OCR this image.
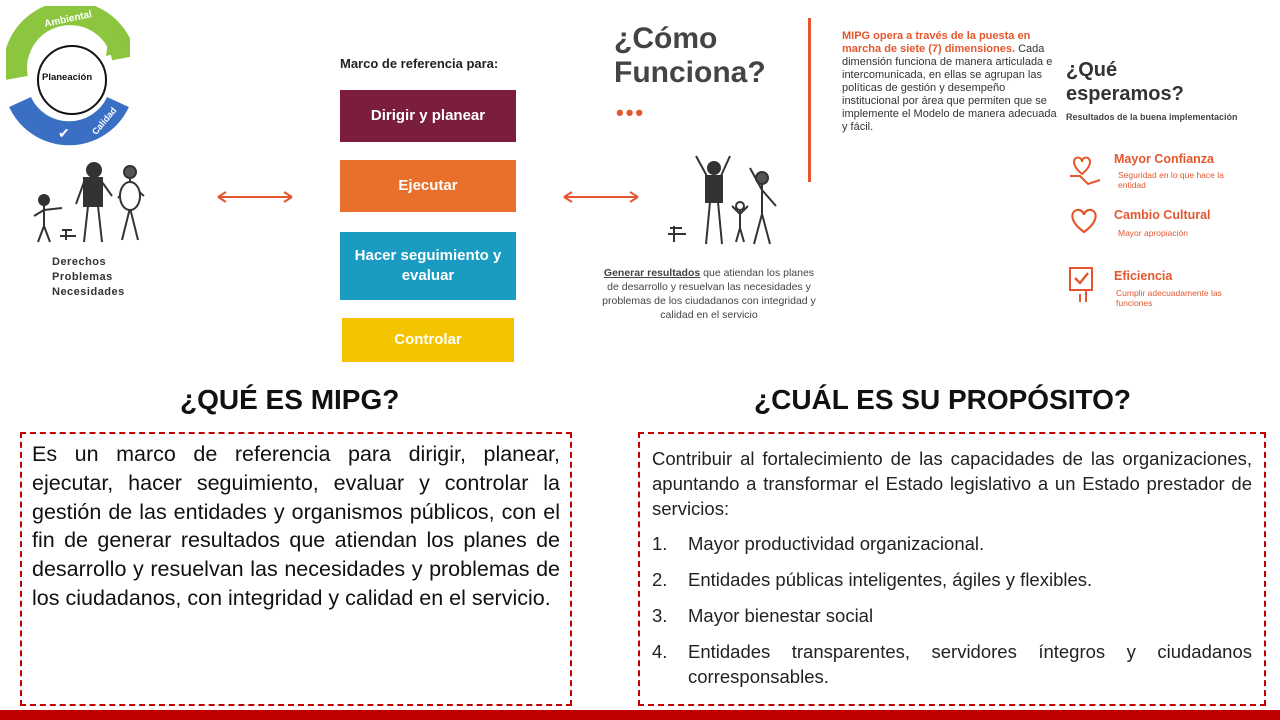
♻
✔
Ambiental
Planeación
Calidad
Derechos
Problemas
Necesidades
Marco de referencia para:
Dirigir y planear
Ejecutar
Hacer seguimiento y evaluar
Controlar
¿Cómo
Funciona?
•••
MIPG opera a través de la puesta en marcha de siete (7) dimensiones. Cada dimensión funciona de manera articulada e intercomunicada, en ellas se agrupan las políticas de gestión y desempeño institucional por área que permiten que se implemente el Modelo de manera adecuada y fácil.
Generar resultados que atiendan los planes de desarrollo y resuelvan las necesidades y problemas de los ciudadanos con integridad y calidad en el servicio
¿Qué
esperamos?
Resultados de la buena implementación
Mayor Confianza
Seguridad en lo que hace la entidad
Cambio Cultural
Mayor apropiación
Eficiencia
Cumplir adecuadamente las funciones
¿QUÉ ES MIPG?	¿CUÁL ES SU PROPÓSITO?

Es un marco de referencia para dirigir, planear, ejecutar, hacer seguimiento, evaluar y controlar la gestión de las entidades y organismos públicos, con el fin de generar resultados que atiendan los planes de desarrollo y resuelvan las necesidades y problemas de los ciudadanos, con integridad y calidad en el servicio.

Contribuir al fortalecimiento de las capacidades de las organizaciones, apuntando a transformar el Estado legislativo a un Estado prestador de servicios:

1.	Mayor productividad organizacional.
2.	Entidades públicas inteligentes, ágiles y flexibles.
3.	Mayor bienestar social
4.	Entidades transparentes, servidores íntegros y ciudadanos corresponsables.
